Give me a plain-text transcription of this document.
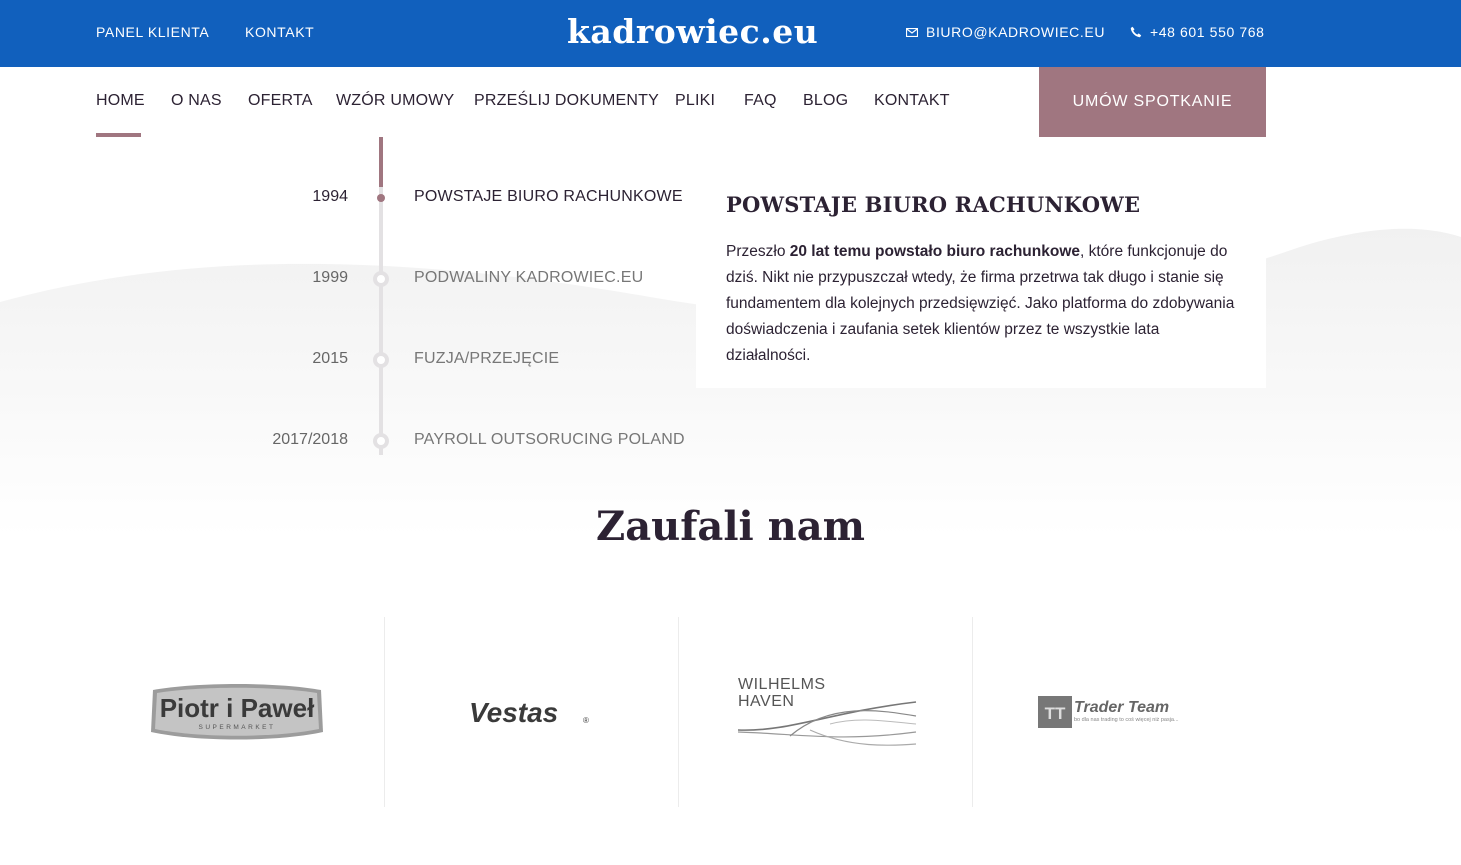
PANEL KLIENTA	KONTAKT	kadrowiec.eu	BIURO@KADROWIEC.EU	+48 601 550 768
HOME O NAS OFERTA WZÓR UMOWY PRZEŚLIJ DOKUMENTY PLIKI FAQ BLOG KONTAKT	UMÓW SPOTKANIE
1994	POWSTAJE BIURO RACHUNKOWE
1999	PODWALINY KADROWIEC.EU
2015	FUZJA/PRZEJĘCIE
2017/2018	PAYROLL OUTSORUCING POLAND
POWSTAJE BIURO RACHUNKOWE

Przeszło 20 lat temu powstało biuro rachunkowe, które funkcjonuje do dziś. Nikt nie przypuszczał wtedy, że firma przetrwa tak długo i stanie się fundamentem dla kolejnych przedsięwzięć. Jako platforma do zdobywania doświadczenia i zaufania setek klientów przez te wszystkie lata działalności.

Zaufali nam
Piotr i Paweł
SUPERMARKET	Vestas	®
WILHELMS
HAVEN
TT Trader Team
bo dla nas trading to coś więcej niż pasja...
